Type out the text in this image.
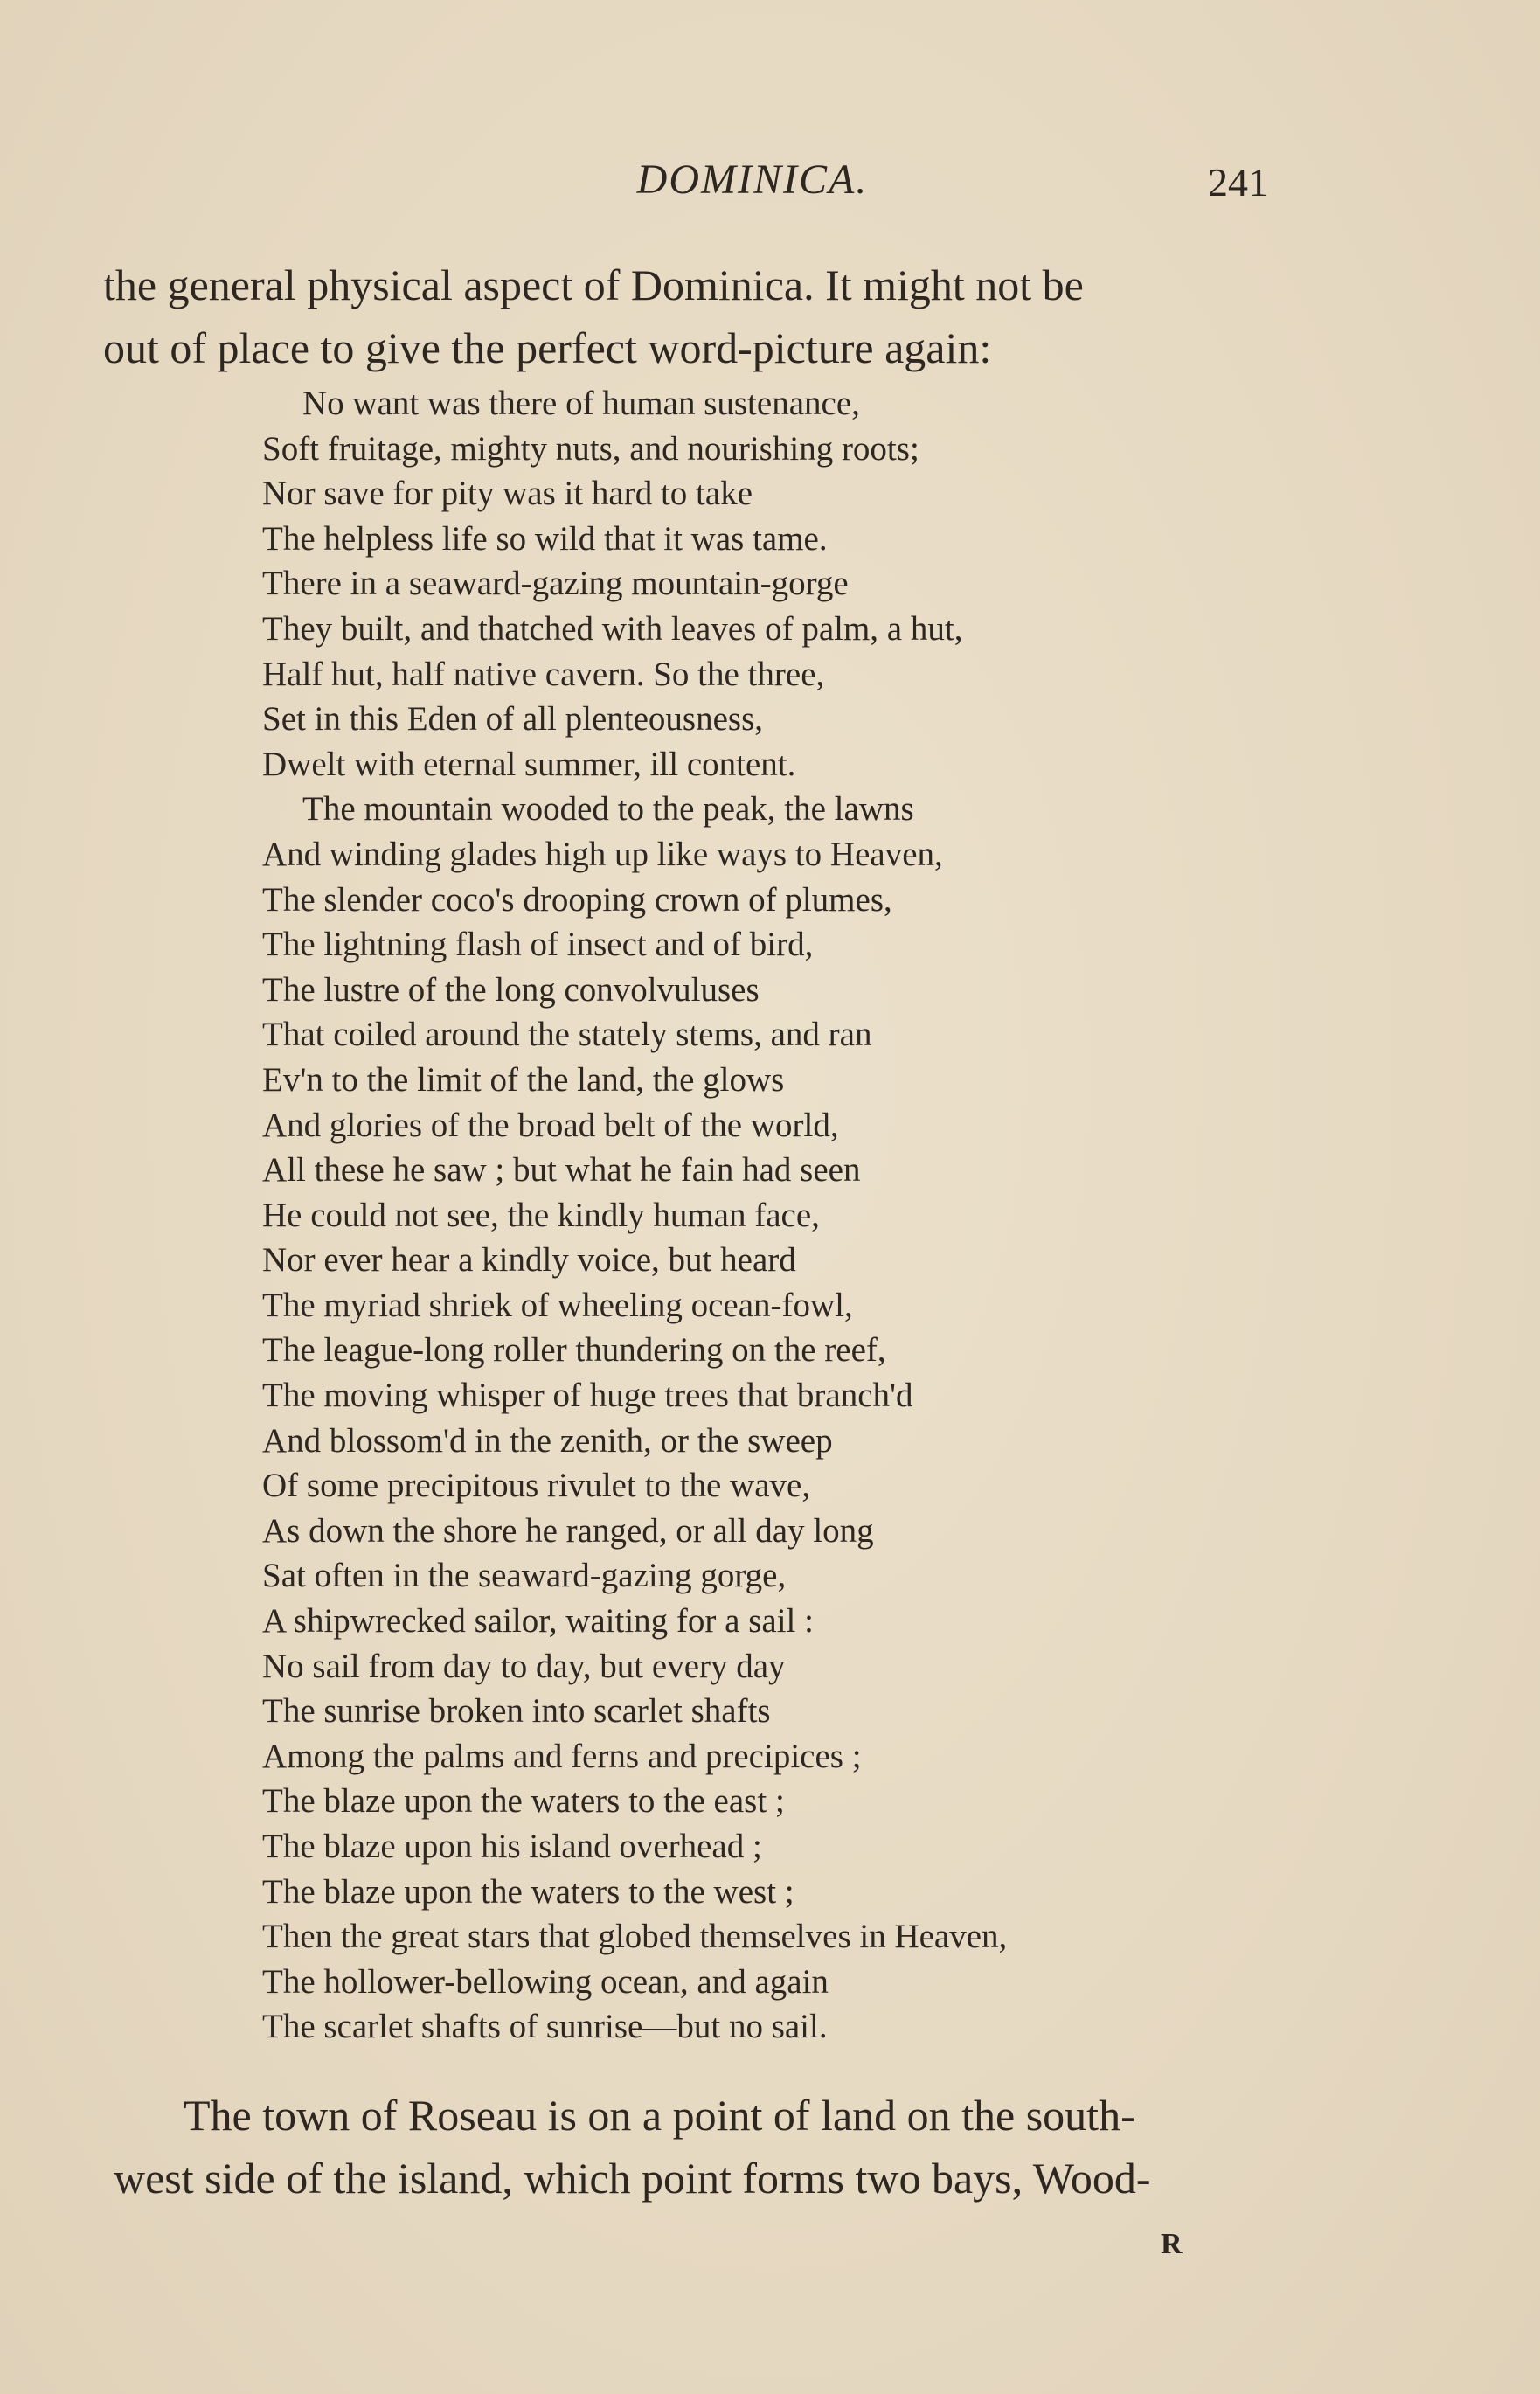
DOMINICA.	241

the general physical aspect of Dominica. It might not be
out of place to give the perfect word-picture again:

No want was there of human sustenance,
Soft fruitage, mighty nuts, and nourishing roots;
Nor save for pity was it hard to take
The helpless life so wild that it was tame.
There in a seaward-gazing mountain-gorge
They built, and thatched with leaves of palm, a hut,
Half hut, half native cavern. So the three,
Set in this Eden of all plenteousness,
Dwelt with eternal summer, ill content.
The mountain wooded to the peak, the lawns
And winding glades high up like ways to Heaven,
The slender coco's drooping crown of plumes,
The lightning flash of insect and of bird,
The lustre of the long convolvuluses
That coiled around the stately stems, and ran
Ev'n to the limit of the land, the glows
And glories of the broad belt of the world,
All these he saw ; but what he fain had seen
He could not see, the kindly human face,
Nor ever hear a kindly voice, but heard
The myriad shriek of wheeling ocean-fowl,
The league-long roller thundering on the reef,
The moving whisper of huge trees that branch'd
And blossom'd in the zenith, or the sweep
Of some precipitous rivulet to the wave,
As down the shore he ranged, or all day long
Sat often in the seaward-gazing gorge,
A shipwrecked sailor, waiting for a sail :
No sail from day to day, but every day
The sunrise broken into scarlet shafts
Among the palms and ferns and precipices ;
The blaze upon the waters to the east ;
The blaze upon his island overhead ;
The blaze upon the waters to the west ;
Then the great stars that globed themselves in Heaven,
The hollower-bellowing ocean, and again
The scarlet shafts of sunrise—but no sail.

The town of Roseau is on a point of land on the south-
west side of the island, which point forms two bays, Wood-

R
